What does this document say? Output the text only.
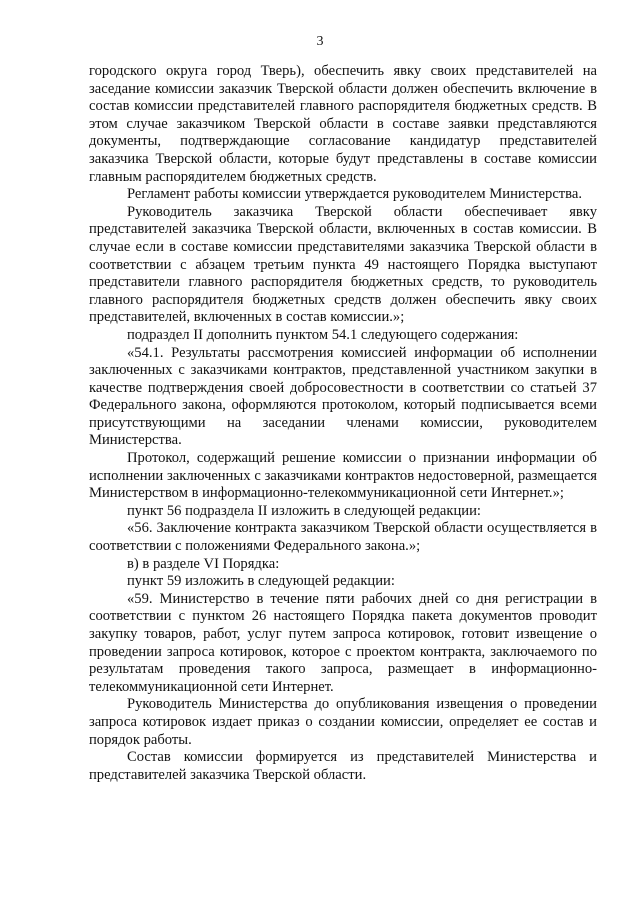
3

городского округа город Тверь), обеспечить явку своих представителей на заседание комиссии заказчик Тверской области должен обеспечить включение в состав комиссии представителей главного распорядителя бюджетных средств. В этом случае заказчиком Тверской области в составе заявки представляются документы, подтверждающие согласование кандидатур представителей заказчика Тверской области, которые будут представлены в составе комиссии главным распорядителем бюджетных средств.

Регламент работы комиссии утверждается руководителем Министерства.

Руководитель заказчика Тверской области обеспечивает явку представителей заказчика Тверской области, включенных в состав комиссии. В случае если в составе комиссии представителями заказчика Тверской области в соответствии с абзацем третьим пункта 49 настоящего Порядка выступают представители главного распорядителя бюджетных средств, то руководитель главного распорядителя бюджетных средств должен обеспечить явку своих представителей, включенных в состав комиссии.»;

подраздел II дополнить пунктом 54.1 следующего содержания:

«54.1. Результаты рассмотрения комиссией информации об исполнении заключенных с заказчиками контрактов, представленной участником закупки в качестве подтверждения своей добросовестности в соответствии со статьей 37 Федерального закона, оформляются протоколом, который подписывается всеми присутствующими на заседании членами комиссии, руководителем Министерства.

Протокол, содержащий решение комиссии о признании информации об исполнении заключенных с заказчиками контрактов недостоверной, размещается Министерством в информационно-телекоммуникационной сети Интернет.»;

пункт 56 подраздела II изложить в следующей редакции:

«56. Заключение контракта заказчиком Тверской области осуществляется в соответствии с положениями Федерального закона.»;

в) в разделе VI Порядка:

пункт 59 изложить в следующей редакции:

«59. Министерство в течение пяти рабочих дней со дня регистрации в соответствии с пунктом 26 настоящего Порядка пакета документов проводит закупку товаров, работ, услуг путем запроса котировок, готовит извещение о проведении запроса котировок, которое с проектом контракта, заключаемого по результатам проведения такого запроса, размещает в информационно-телекоммуникационной сети Интернет.

Руководитель Министерства до опубликования извещения о проведении запроса котировок издает приказ о создании комиссии, определяет ее состав и порядок работы.

Состав комиссии формируется из представителей Министерства и представителей заказчика Тверской области.
